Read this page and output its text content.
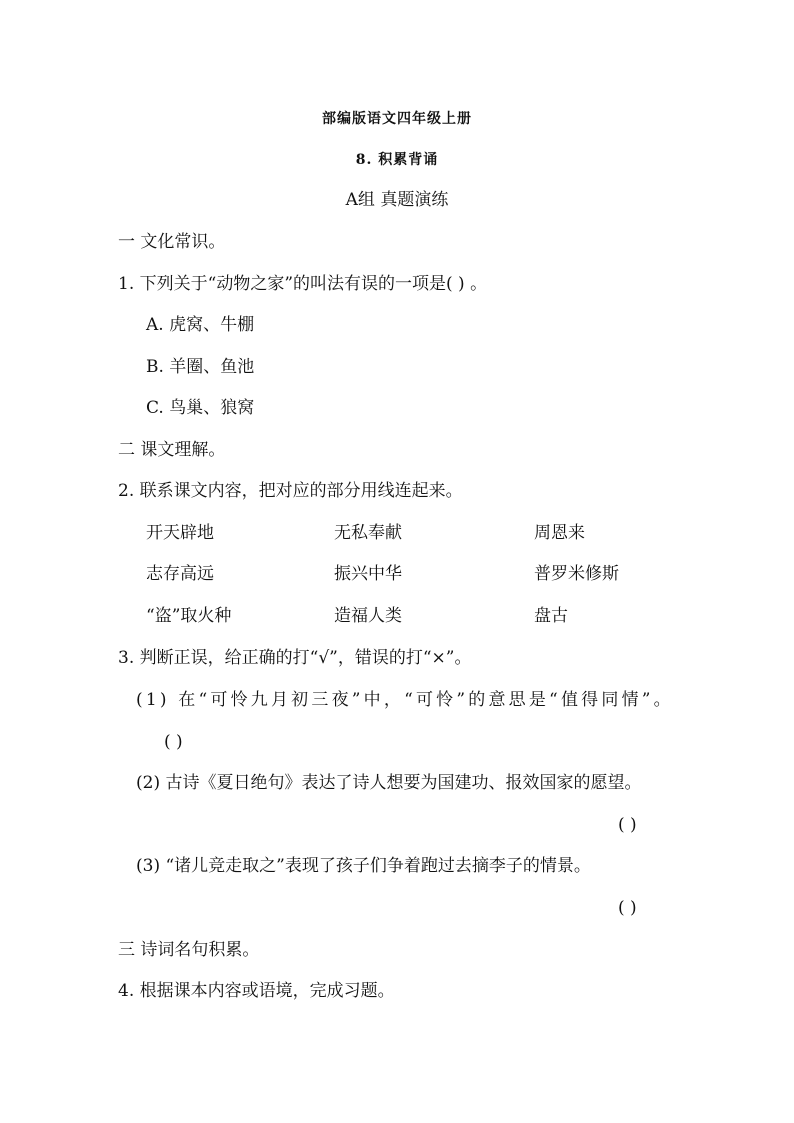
部编版语文四年级上册
8. 积累背诵
A组 真题演练
一 文化常识。
1. 下列关于“动物之家”的叫法有误的一项是( ) 。
A. 虎窝、牛棚
B. 羊圈、鱼池
C. 鸟巢、狼窝
二 课文理解。
2. 联系课文内容，把对应的部分用线连起来。
开天辟地	无私奉献	周恩来
志存高远	振兴中华	普罗米修斯
“盗”取火种	造福人类	盘古
3. 判断正误，给正确的打“√”，错误的打“×”。
(1) 在“可怜九月初三夜”中，“可怜”的意思是“值得同情”。
( )
(2) 古诗《夏日绝句》表达了诗人想要为国建功、报效国家的愿望。
( )
(3) “诸儿竞走取之”表现了孩子们争着跑过去摘李子的情景。
( )
三 诗词名句积累。
4. 根据课本内容或语境，完成习题。
